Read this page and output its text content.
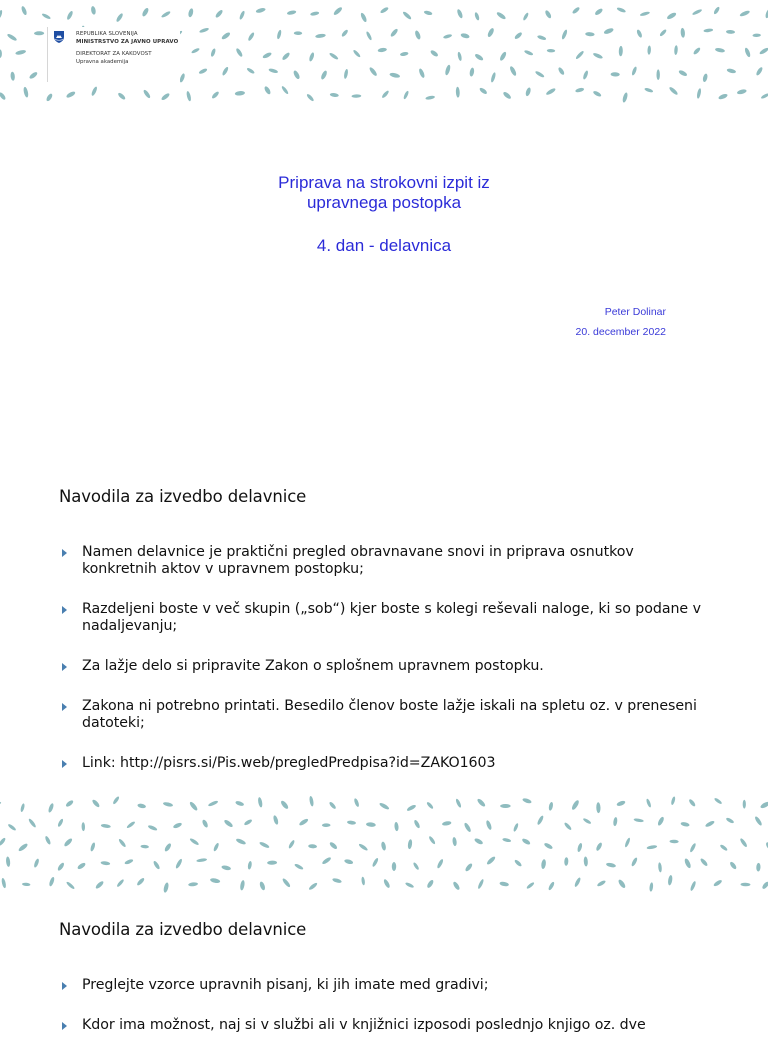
REPUBLIKA SLOVENIJA
MINISTRSTVO ZA JAVNO UPRAVO
DIREKTORAT ZA KAKOVOST
Upravna akademija
Priprava na strokovni izpit iz
upravnega postopka
4. dan - delavnica
Peter Dolinar
20. december 2022
Navodila za izvedbo delavnice
Namen delavnice je praktični pregled obravnavane snovi in priprava osnutkov konkretnih aktov v upravnem postopku;
Razdeljeni boste v več skupin („sob“) kjer boste s kolegi reševali naloge, ki so podane v nadaljevanju;
Za lažje delo si pripravite Zakon o splošnem upravnem postopku.
Zakona ni potrebno printati. Besedilo členov boste lažje iskali na spletu oz. v preneseni datoteki;
Link: http://pisrs.si/Pis.web/pregledPredpisa?id=ZAKO1603
Navodila za izvedbo delavnice
Preglejte vzorce upravnih pisanj, ki jih imate med gradivi;
Kdor ima možnost, naj si v službi ali v knjižnici izposodi poslednjo knjigo oz. dve
